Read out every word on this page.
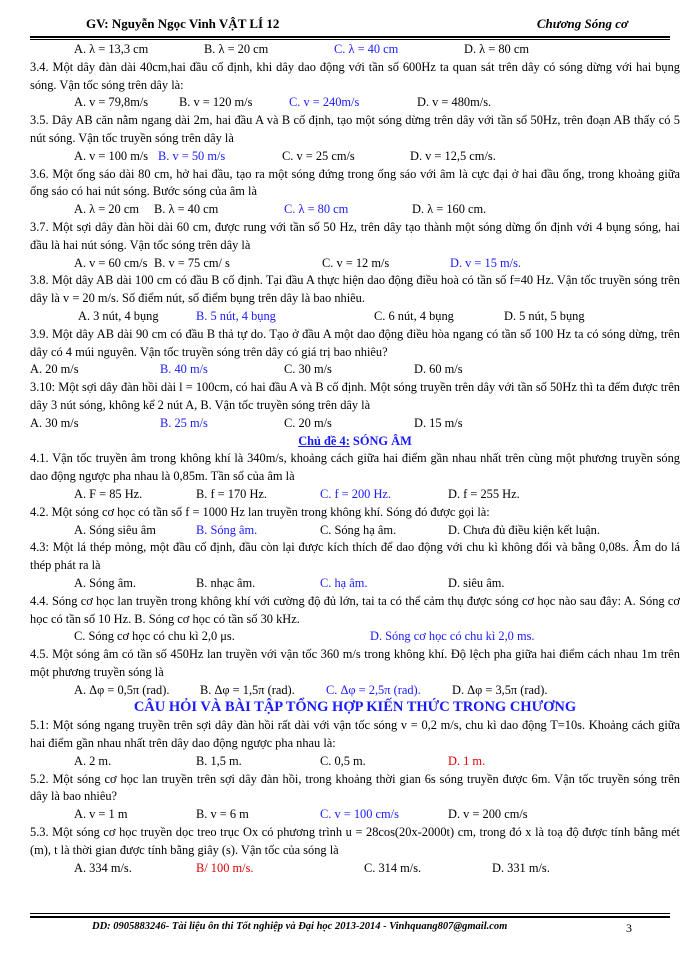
GV: Nguyễn Ngọc Vinh VẬT LÍ 12	Chương Sóng cơ
A. λ = 13,3 cm	B. λ = 20 cm	C. λ = 40 cm	D. λ = 80 cm

3.4. Một dây đàn dài 40cm,hai đầu cố định, khi dây dao động với tần số 600Hz ta quan sát trên dây có sóng dừng với hai bụng sóng. Vận tốc sóng trên dây là:

A. v = 79,8m/s	B. v = 120 m/s	C. v = 240m/s	D. v = 480m/s.

3.5. Dây AB căn nằm ngang dài 2m, hai đầu A và B cố định, tạo một sóng dừng trên dây với tần số 50Hz, trên đoạn AB thấy có 5 nút sóng. Vận tốc truyền sóng trên dây là

A. v = 100 m/s B. v = 50 m/s	C. v = 25 cm/s	D. v = 12,5 cm/s.

3.6. Một ống sáo dài 80 cm, hở hai đầu, tạo ra một sóng đứng trong ống sáo với âm là cực đại ở hai đầu ống, trong khoảng giữa ống sáo có hai nút sóng. Bước sóng của âm là

A. λ = 20 cm	B. λ = 40 cm	C. λ = 80 cm	D. λ = 160 cm.

3.7. Một sợi dây đàn hồi dài 60 cm, được rung với tần số 50 Hz, trên dây tạo thành một sóng dừng ổn định với 4 bụng sóng, hai đầu là hai nút sóng. Vận tốc sóng trên dây là

A. v = 60 cm/s B. v = 75 cm/ s	C. v = 12 m/s	D. v = 15 m/s.

3.8. Một dây AB dài 100 cm có đầu B cố định. Tại đầu A thực hiện dao động điều hoà có tần số f=40 Hz. Vận tốc truyền sóng trên dây là v = 20 m/s. Số điểm nút, số điểm bụng trên dây là bao nhiêu.

A. 3 nút, 4 bụng	B. 5 nút, 4 bụng	C. 6 nút, 4 bụng	D. 5 nút, 5 bụng

3.9. Một dây AB dài 90 cm có đầu B thả tự do. Tạo ở đầu A một dao động điều hòa ngang có tần số 100 Hz ta có sóng dừng, trên dây có 4 múi nguyên. Vận tốc truyền sóng trên dây có giá trị bao nhiêu?

A. 20 m/s	B. 40 m/s	C. 30 m/s	D. 60 m/s

3.10: Một sợi dây đàn hồi dài l = 100cm, có hai đầu A và B cố định. Một sóng truyền trên dây với tần số 50Hz thì ta đếm được trên dây 3 nút sóng, không kể 2 nút A, B. Vận tốc truyền sóng trên dây là

A. 30 m/s	B. 25 m/s	C. 20 m/s	D. 15 m/s

Chủ đề 4: SÓNG ÂM

4.1. Vận tốc truyền âm trong không khí là 340m/s, khoảng cách giữa hai điểm gần nhau nhất trên cùng một phương truyền sóng dao động ngược pha nhau là 0,85m. Tần số của âm là

A. F = 85 Hz.	B. f = 170 Hz.	C. f = 200 Hz.	D. f = 255 Hz.

4.2. Một sóng cơ học có tần số f = 1000 Hz lan truyền trong không khí. Sóng đó được gọi là:

A. Sóng siêu âm	B. Sóng âm.	C. Sóng hạ âm.	D. Chưa đủ điều kiện kết luận.

4.3: Một lá thép mỏng, một đầu cố định, đầu còn lại được kích thích để dao động với chu kì không đổi và bằng 0,08s. Âm do lá thép phát ra là

A. Sóng âm.	B. nhạc âm.	C. hạ âm.	D. siêu âm.

4.4. Sóng cơ học lan truyền trong không khí với cường độ đủ lớn, tai ta có thể cảm thụ được sóng cơ học nào sau đây: A. Sóng cơ học có tần số 10 Hz. B. Sóng cơ học có tần số 30 kHz.

C. Sóng cơ học có chu kì 2,0 μs.	D. Sóng cơ học có chu kì 2,0 ms.

4.5. Một sóng âm có tần số 450Hz lan truyền với vận tốc 360 m/s trong không khí. Độ lệch pha giữa hai điểm cách nhau 1m trên một phương truyền sóng là

A. Δφ = 0,5π (rad).	B. Δφ = 1,5π (rad).	C. Δφ = 2,5π (rad).	D. Δφ = 3,5π (rad).

CÂU HỎI VÀ BÀI TẬP TỔNG HỢP KIẾN THỨC TRONG CHƯƠNG

5.1: Một sóng ngang truyền trên sợi dây đàn hồi rất dài với vận tốc sóng v = 0,2 m/s, chu kì dao động T=10s. Khoảng cách giữa hai điểm gần nhau nhất trên dây dao động ngược pha nhau là:

A. 2 m.	B. 1,5 m.	C. 0,5 m.	D. 1 m.

5.2. Một sóng cơ học lan truyền trên sợi dây đàn hồi, trong khoảng thời gian 6s sóng truyền được 6m. Vận tốc truyền sóng trên dây là bao nhiêu?

A. v = 1 m	B. v = 6 m	C. v = 100 cm/s	D. v = 200 cm/s

5.3. Một sóng cơ học truyền dọc treo trục Ox có phương trình u = 28cos(20x-2000t) cm, trong đó x là toạ độ được tính bằng mét (m), t là thời gian được tính bằng giây (s). Vận tốc của sóng là

A. 334 m/s.	B/ 100 m/s.	C. 314 m/s.	D. 331 m/s.
DD: 0905883246- Tài liệu ôn thi Tốt nghiệp và Đại học 2013-2014 - Vinhquang807@gmail.com	3
